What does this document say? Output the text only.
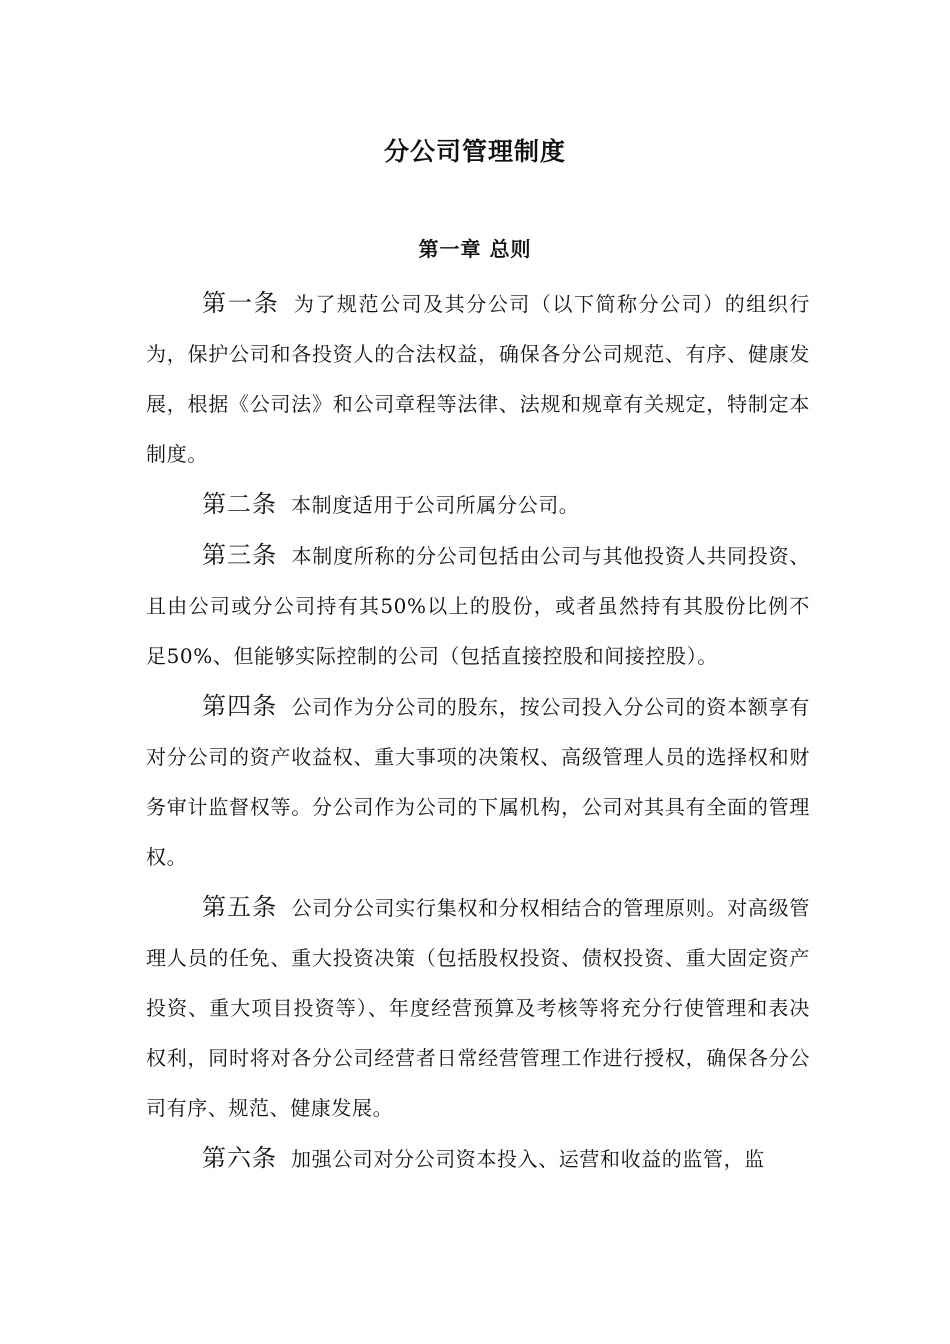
分公司管理制度
第一章 总则

第一条 为了规范公司及其分公司（以下简称分公司）的组织行为，保护公司和各投资人的合法权益，确保各分公司规范、有序、健康发展，根据《公司法》和公司章程等法律、法规和规章有关规定，特制定本制度。

第二条 本制度适用于公司所属分公司。

第三条 本制度所称的分公司包括由公司与其他投资人共同投资、且由公司或分公司持有其50%以上的股份，或者虽然持有其股份比例不足50%、但能够实际控制的公司（包括直接控股和间接控股）。

第四条 公司作为分公司的股东，按公司投入分公司的资本额享有对分公司的资产收益权、重大事项的决策权、高级管理人员的选择权和财务审计监督权等。分公司作为公司的下属机构，公司对其具有全面的管理权。

第五条 公司分公司实行集权和分权相结合的管理原则。对高级管理人员的任免、重大投资决策（包括股权投资、债权投资、重大固定资产投资、重大项目投资等）、年度经营预算及考核等将充分行使管理和表决权利，同时将对各分公司经营者日常经营管理工作进行授权，确保各分公司有序、规范、健康发展。

第六条 加强公司对分公司资本投入、运营和收益的监管，监
